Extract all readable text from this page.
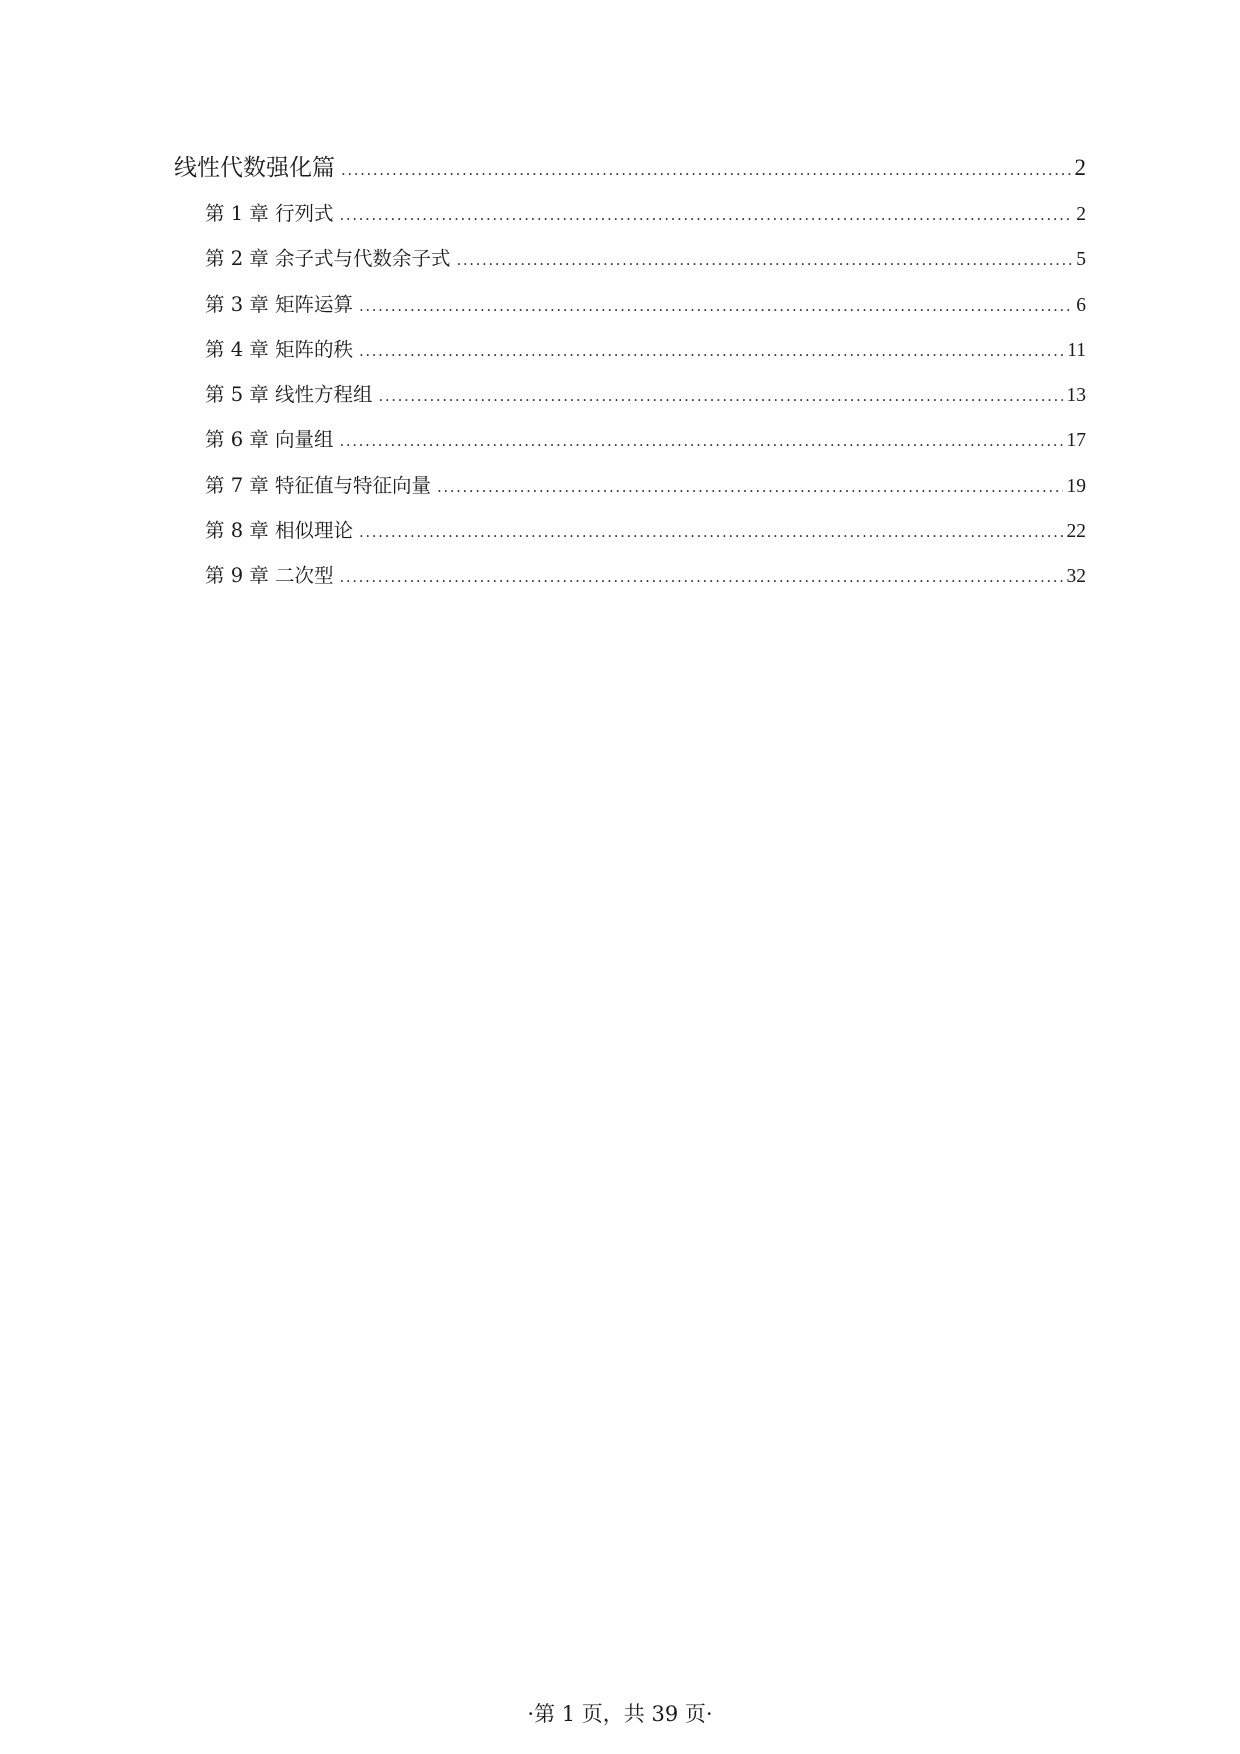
线性代数强化篇 .....	2
第 1 章 行列式 .....	2
第 2 章 余子式与代数余子式 .....	5
第 3 章 矩阵运算 .....	6
第 4 章 矩阵的秩 .....	11
第 5 章 线性方程组 .....	13
第 6 章 向量组 .....	17
第 7 章 特征值与特征向量 .....	19
第 8 章 相似理论 .....	22
第 9 章 二次型 .....	32
·第 1 页，共 39 页·
